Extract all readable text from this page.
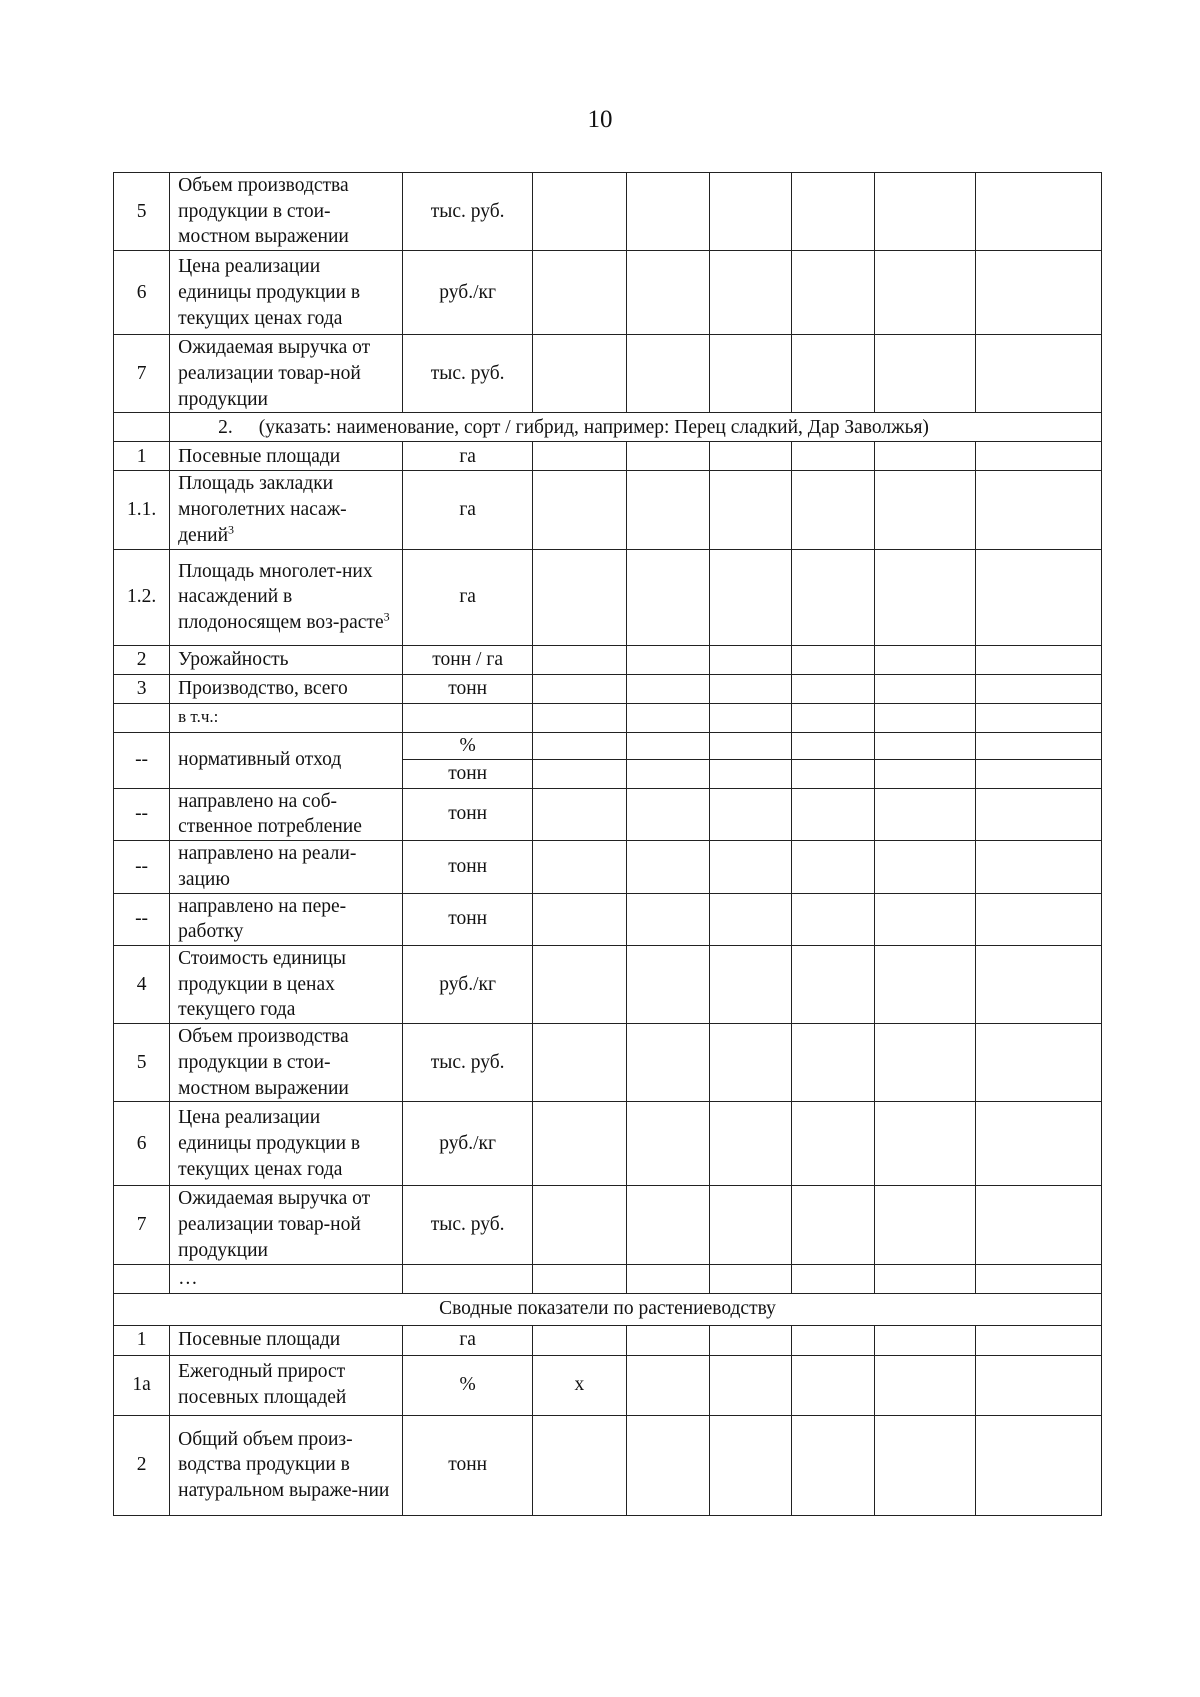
10
5	Объем производства продукции в стои-мостном выражении	тыс. руб.						
6	Цена реализации единицы продукции в текущих ценах года	руб./кг						
7	Ожидаемая выручка от реализации товар-ной продукции	тыс. руб.						
	2. (указать: наименование, сорт / гибрид, например: Перец сладкий, Дар Заволжья)							
1	Посевные площади	га						
1.1.	Площадь закладки многолетних насаж-дений$^3$	га						
1.2.	Площадь многолет-них насаждений в плодоносящем воз-расте$^3$	га						
2	Урожайность	тонн / га						
3	Производство, всего	тонн						
	в т.ч.:							
--	нормативный отход	%						
		тонн						
--	направлено на соб-ственное потребление	тонн						
--	направлено на реали-зацию	тонн						
--	направлено на пере-работку	тонн						
4	Стоимость единицы продукции в ценах текущего года	руб./кг						
5	Объем производства продукции в стои-мостном выражении	тыс. руб.						
6	Цена реализации единицы продукции в текущих ценах года	руб./кг						
7	Ожидаемая выручка от реализации товар-ной продукции	тыс. руб.						
	…							
Сводные показатели по растениеводству								
1	Посевные площади	га						
1а	Ежегодный прирост посевных площадей	%	х					
2	Общий объем произ-водства продукции в натуральном выраже-нии	тонн						
